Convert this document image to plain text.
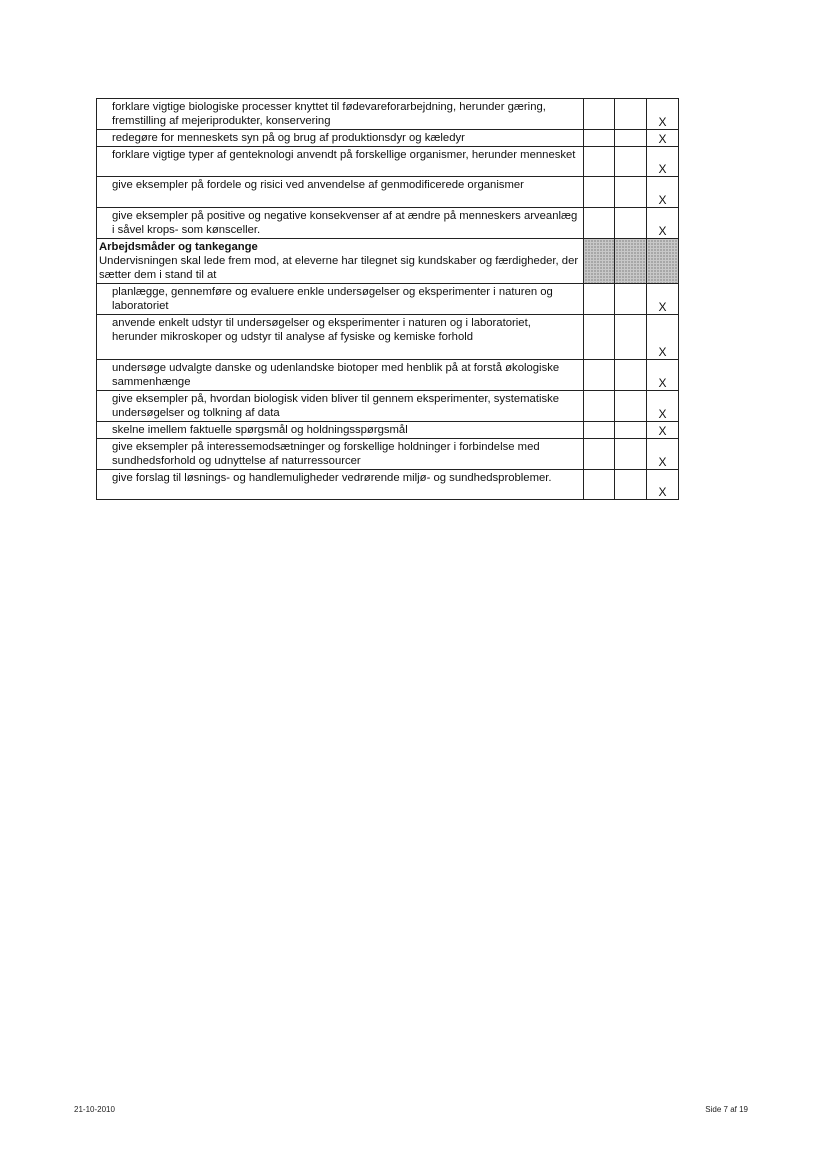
forklare vigtige biologiske processer knyttet til fødevareforarbejdning, herunder gæring, fremstilling af mejeriprodukter, konservering			X

redegøre for menneskets syn på og brug af produktionsdyr og kæledyr			X

forklare vigtige typer af genteknologi anvendt på forskellige organismer, herunder mennesket			X

give eksempler på fordele og risici ved anvendelse af genmodificerede organismer			X

give eksempler på positive og negative konsekvenser af at ændre på menneskers arveanlæg i såvel krops- som kønsceller.			X

Arbejdsmåder og tankegange
Undervisningen skal lede frem mod, at eleverne har tilegnet sig kundskaber og færdigheder, der sætter dem i stand til at			

planlægge, gennemføre og evaluere enkle undersøgelser og eksperimenter i naturen og laboratoriet			X

anvende enkelt udstyr til undersøgelser og eksperimenter i naturen og i laboratoriet, herunder mikroskoper og udstyr til analyse af fysiske og kemiske forhold			X

undersøge udvalgte danske og udenlandske biotoper med henblik på at forstå økologiske sammenhænge			X

give eksempler på, hvordan biologisk viden bliver til gennem eksperimenter, systematiske undersøgelser og tolkning af data			X

skelne imellem faktuelle spørgsmål og holdningsspørgsmål			X

give eksempler på interessemodsætninger og forskellige holdninger i forbindelse med sundhedsforhold og udnyttelse af naturressourcer			X

give forslag til løsnings- og handlemuligheder vedrørende miljø- og sundhedsproblemer.			X
21-10-2010	Side 7 af 19
